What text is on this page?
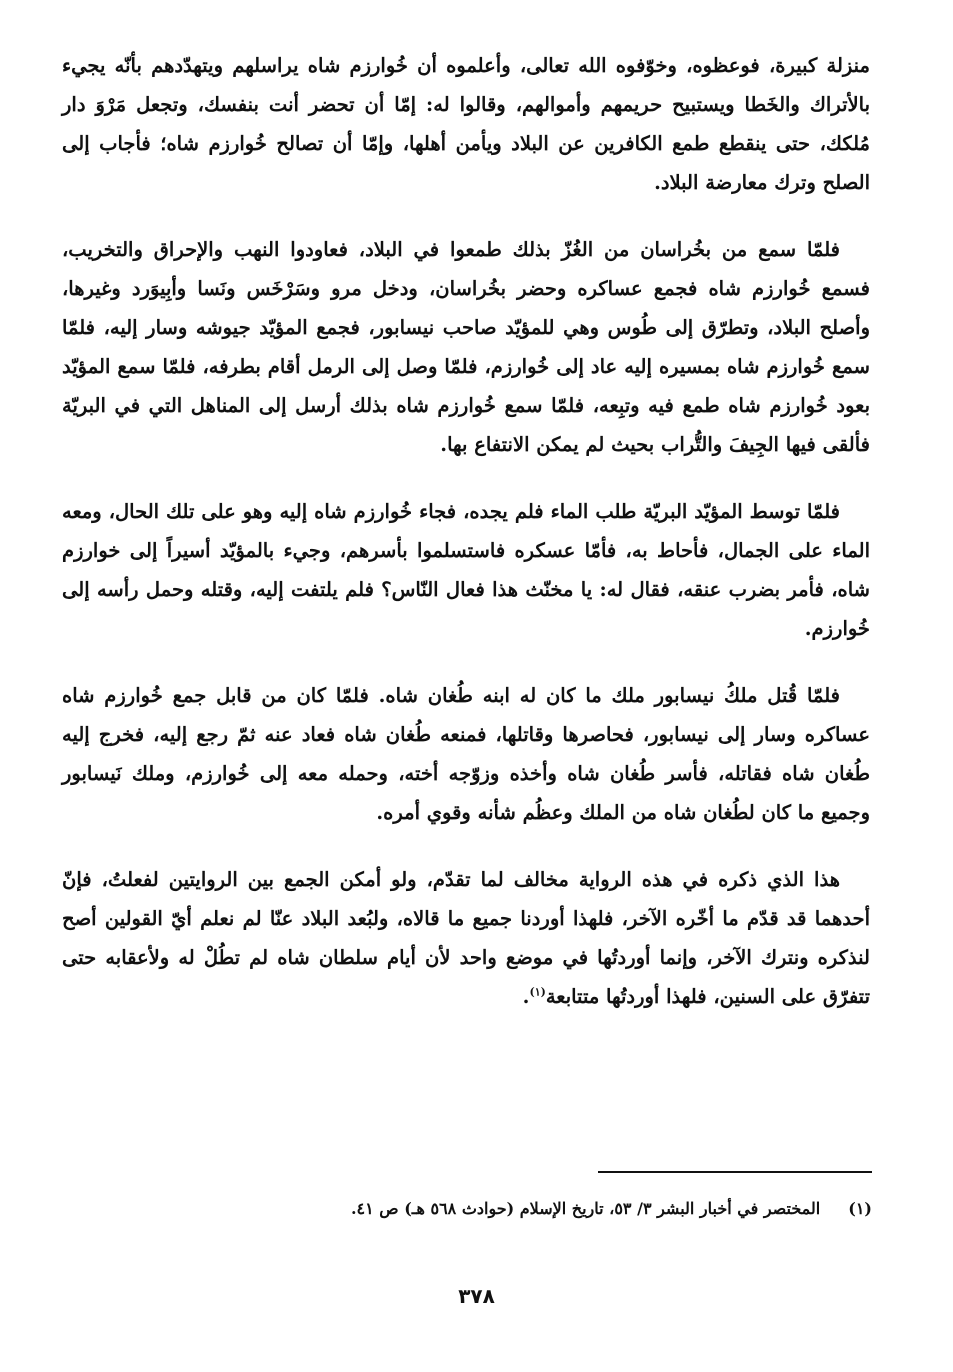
منزلة كبيرة، فوعظوه، وخوّفوه الله تعالى، وأعلموه أن خُوارزم شاه يراسلهم ويتهدّدهم بأنّه يجيء بالأتراك والخَطا ويستبيح حريمهم وأموالهم، وقالوا له: إمّا أن تحضر أنت بنفسك، وتجعل مَرْوَ دار مُلكك، حتى ينقطع طمع الكافرين عن البلاد ويأمن أهلها، وإمّا أن تصالح خُوارزم شاه؛ فأجاب إلى الصلح وترك معارضة البلاد.

فلمّا سمع من بخُراسان من الغُزّ بذلك طمعوا في البلاد، فعاودوا النهب والإحراق والتخريب، فسمع خُوارزم شاه فجمع عساكره وحضر بخُراسان، ودخل مرو وسَرْخَس ونَسا وأبِيوَرد وغيرها، وأصلح البلاد، وتطرّق إلى طُوس وهي للمؤيّد صاحب نيسابور، فجمع المؤيّد جيوشه وسار إليه، فلمّا سمع خُوارزم شاه بمسيره إليه عاد إلى خُوارزم، فلمّا وصل إلى الرمل أقام بطرفه، فلمّا سمع المؤيّد بعود خُوارزم شاه طمع فيه وتبِعه، فلمّا سمع خُوارزم شاه بذلك أرسل إلى المناهل التي في البريّة فألقى فيها الجِيفَ والتُّراب بحيث لم يمكن الانتفاع بها.

فلمّا توسط المؤيّد البريّة طلب الماء فلم يجده، فجاء خُوارزم شاه إليه وهو على تلك الحال، ومعه الماء على الجمال، فأحاط به، فأمّا عسكره فاستسلموا بأسرهم، وجيء بالمؤيّد أسيراً إلى خوارزم شاه، فأمر بضرب عنقه، فقال له: يا مخنّث هذا فعال النّاس؟ فلم يلتفت إليه، وقتله وحمل رأسه إلى خُوارزم.

فلمّا قُتل ملكُ نيسابور ملك ما كان له ابنه طُغان شاه. فلمّا كان من قابل جمع خُوارزم شاه عساكره وسار إلى نيسابور، فحاصرها وقاتلها، فمنعه طُغان شاه فعاد عنه ثمّ رجع إليه، فخرج إليه طُغان شاه فقاتله، فأسر طُغان شاه وأخذه وزوّجه أخته، وحمله معه إلى خُوارزم، وملك نَيسابور وجميع ما كان لطُغان شاه من الملك وعظُم شأنه وقوي أمره.

هذا الذي ذكره في هذه الرواية مخالف لما تقدّم، ولو أمكن الجمع بين الروايتين لفعلتُ، فإنّ أحدهما قد قدّم ما أخّره الآخر، فلهذا أوردنا جميع ما قالاه، ولبُعد البلاد عنّا لم نعلم أيّ القولين أصح لنذكره ونترك الآخر، وإنما أوردتُها في موضع واحد لأن أيام سلطان شاه لم تطُلْ له ولأعقابه حتى تتفرّق على السنين، فلهذا أوردتُها متتابعة$^{(١)}$.

(١)المختصر في أخبار البشر ٣/ ٥٣، تاريخ الإسلام (حوادث ٥٦٨ هـ) ص ٤١.
٣٧٨
